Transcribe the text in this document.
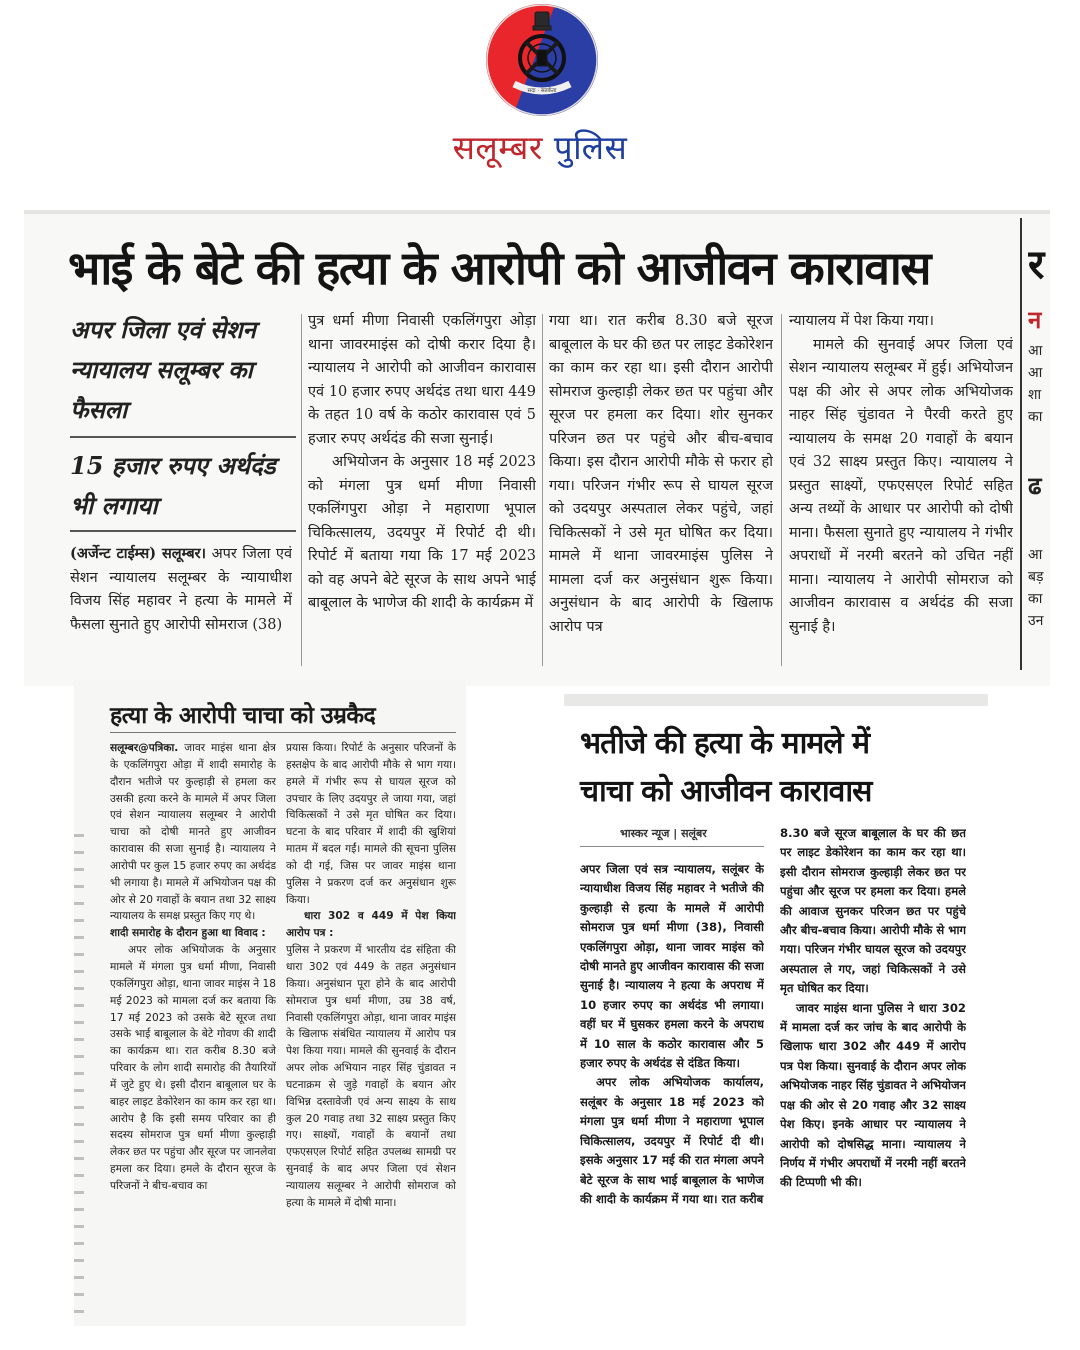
सदा · सतर्कता
सलूम्बर पुलिस
भाई के बेटे की हत्या के आरोपी को आजीवन कारावास
अपर जिला एवं सेशन न्यायालय सलूम्बर का फैसला
15 हजार रुपए अर्थदंड भी लगाया

(अर्जेन्ट टाईम्स) सलूम्बर। अपर जिला एवं सेशन न्यायालय सलूम्बर के न्यायाधीश विजय सिंह महावर ने हत्या के मामले में फैसला सुनाते हुए आरोपी सोमराज (38)

पुत्र धर्मा मीणा निवासी एकलिंगपुरा ओड़ा थाना जावरमाइंस को दोषी करार दिया है। न्यायालय ने आरोपी को आजीवन कारावास एवं 10 हजार रुपए अर्थदंड तथा धारा 449 के तहत 10 वर्ष के कठोर कारावास एवं 5 हजार रुपए अर्थदंड की सजा सुनाई।

अभियोजन के अनुसार 18 मई 2023 को मंगला पुत्र धर्मा मीणा निवासी एकलिंगपुरा ओड़ा ने महाराणा भूपाल चिकित्सालय, उदयपुर में रिपोर्ट दी थी। रिपोर्ट में बताया गया कि 17 मई 2023 को वह अपने बेटे सूरज के साथ अपने भाई बाबूलाल के भाणेज की शादी के कार्यक्रम में

गया था। रात करीब 8.30 बजे सूरज बाबूलाल के घर की छत पर लाइट डेकोरेशन का काम कर रहा था। इसी दौरान आरोपी सोमराज कुल्हाड़ी लेकर छत पर पहुंचा और सूरज पर हमला कर दिया। शोर सुनकर परिजन छत पर पहुंचे और बीच-बचाव किया। इस दौरान आरोपी मौके से फरार हो गया। परिजन गंभीर रूप से घायल सूरज को उदयपुर अस्पताल लेकर पहुंचे, जहां चिकित्सकों ने उसे मृत घोषित कर दिया। मामले में थाना जावरमाइंस पुलिस ने मामला दर्ज कर अनुसंधान शुरू किया। अनुसंधान के बाद आरोपी के खिलाफ आरोप पत्र

न्यायालय में पेश किया गया।

मामले की सुनवाई अपर जिला एवं सेशन न्यायालय सलूम्बर में हुई। अभियोजन पक्ष की ओर से अपर लोक अभियोजक नाहर सिंह चुंडावत ने पैरवी करते हुए न्यायालय के समक्ष 20 गवाहों के बयान एवं 32 साक्ष्य प्रस्तुत किए। न्यायालय ने प्रस्तुत साक्ष्यों, एफएसएल रिपोर्ट सहित अन्य तथ्यों के आधार पर आरोपी को दोषी माना। फैसला सुनाते हुए न्यायालय ने गंभीर अपराधों में नरमी बरतने को उचित नहीं माना। न्यायालय ने आरोपी सोमराज को आजीवन कारावास व अर्थदंड की सजा सुनाई है।

र
न
आ
आ
शा
का
ढ
आ
बड़
का
उन
हत्या के आरोपी चाचा को उम्रकैद

सलूम्बर@पत्रिका. जावर माइंस थाना क्षेत्र के एकलिंगपुरा ओड़ा में शादी समारोह के दौरान भतीजे पर कुल्हाड़ी से हमला कर उसकी हत्या करने के मामले में अपर जिला एवं सेशन न्यायालय सलूम्बर ने आरोपी चाचा को दोषी मानते हुए आजीवन कारावास की सजा सुनाई है। न्यायालय ने आरोपी पर कुल 15 हजार रुपए का अर्थदंड भी लगाया है। मामले में अभियोजन पक्ष की ओर से 20 गवाहों के बयान तथा 32 साक्ष्य न्यायालय के समक्ष प्रस्तुत किए गए थे।

शादी समारोह के दौरान हुआ था विवाद :

अपर लोक अभियोजक के अनुसार मामले में मंगला पुत्र धर्मा मीणा, निवासी एकलिंगपुरा ओड़ा, थाना जावर माइंस ने 18 मई 2023 को मामला दर्ज कर बताया कि 17 मई 2023 को उसके बेटे सूरज तथा उसके भाई बाबूलाल के बेटे गोवण की शादी का कार्यक्रम था। रात करीब 8.30 बजे परिवार के लोग शादी समारोह की तैयारियों में जुटे हुए थे। इसी दौरान बाबूलाल घर के बाहर लाइट डेकोरेशन का काम कर रहा था। आरोप है कि इसी समय परिवार का ही सदस्य सोमराज पुत्र धर्मा मीणा कुल्हाड़ी लेकर छत पर पहुंचा और सूरज पर जानलेवा हमला कर दिया। हमले के दौरान सूरज के परिजनों ने बीच-बचाव का

प्रयास किया। रिपोर्ट के अनुसार परिजनों के हस्तक्षेप के बाद आरोपी मौके से भाग गया। हमले में गंभीर रूप से घायल सूरज को उपचार के लिए उदयपुर ले जाया गया, जहां चिकित्सकों ने उसे मृत घोषित कर दिया। घटना के बाद परिवार में शादी की खुशियां मातम में बदल गईं। मामले की सूचना पुलिस को दी गई, जिस पर जावर माइंस थाना पुलिस ने प्रकरण दर्ज कर अनुसंधान शुरू किया।

धारा 302 व 449 में पेश किया आरोप पत्र :

पुलिस ने प्रकरण में भारतीय दंड संहिता की धारा 302 एवं 449 के तहत अनुसंधान किया। अनुसंधान पूरा होने के बाद आरोपी सोमराज पुत्र धर्मा मीणा, उम्र 38 वर्ष, निवासी एकलिंगपुरा ओड़ा, थाना जावर माइंस के खिलाफ संबंधित न्यायालय में आरोप पत्र पेश किया गया। मामले की सुनवाई के दौरान अपर लोक अभियान नाहर सिंह चुंडावत न घटनाक्रम से जुड़े गवाहों के बयान ओर विभिन्न दस्तावेजी एवं अन्य साक्ष्य के साथ कुल 20 गवाह तथा 32 साक्ष्य प्रस्तुत किए गए। साक्ष्यों, गवाहों के बयानों तथा एफएसएल रिपोर्ट सहित उपलब्ध सामग्री पर सुनवाई के बाद अपर जिला एवं सेशन न्यायालय सलूम्बर ने आरोपी सोमराज को हत्या के मामले में दोषी माना।

भतीजे की हत्या के मामले में
चाचा को आजीवन कारावास
भास्कर न्यूज | सलूंबर

अपर जिला एवं सत्र न्यायालय, सलूंबर के न्यायाधीश विजय सिंह महावर ने भतीजे की कुल्हाड़ी से हत्या के मामले में आरोपी सोमराज पुत्र धर्मा मीणा (38), निवासी एकलिंगपुरा ओड़ा, थाना जावर माइंस को दोषी मानते हुए आजीवन कारावास की सजा सुनाई है। न्यायालय ने हत्या के अपराध में 10 हजार रुपए का अर्थदंड भी लगाया। वहीं घर में घुसकर हमला करने के अपराध में 10 साल के कठोर कारावास और 5 हजार रुपए के अर्थदंड से दंडित किया।

अपर लोक अभियोजक कार्यालय, सलूंबर के अनुसार 18 मई 2023 को मंगला पुत्र धर्मा मीणा ने महाराणा भूपाल चिकित्सालय, उदयपुर में रिपोर्ट दी थी। इसके अनुसार 17 मई की रात मंगला अपने बेटे सूरज के साथ भाई बाबूलाल के भाणेज की शादी के कार्यक्रम में गया था। रात करीब

8.30 बजे सूरज बाबूलाल के घर की छत पर लाइट डेकोरेशन का काम कर रहा था। इसी दौरान सोमराज कुल्हाड़ी लेकर छत पर पहुंचा और सूरज पर हमला कर दिया। हमले की आवाज सुनकर परिजन छत पर पहुंचे और बीच-बचाव किया। आरोपी मौके से भाग गया। परिजन गंभीर घायल सूरज को उदयपुर अस्पताल ले गए, जहां चिकित्सकों ने उसे मृत घोषित कर दिया।

जावर माइंस थाना पुलिस ने धारा 302 में मामला दर्ज कर जांच के बाद आरोपी के खिलाफ धारा 302 और 449 में आरोप पत्र पेश किया। सुनवाई के दौरान अपर लोक अभियोजक नाहर सिंह चुंडावत ने अभियोजन पक्ष की ओर से 20 गवाह और 32 साक्ष्य पेश किए। इनके आधार पर न्यायालय ने आरोपी को दोषसिद्ध माना। न्यायालय ने निर्णय में गंभीर अपराधों में नरमी नहीं बरतने की टिप्पणी भी की।
